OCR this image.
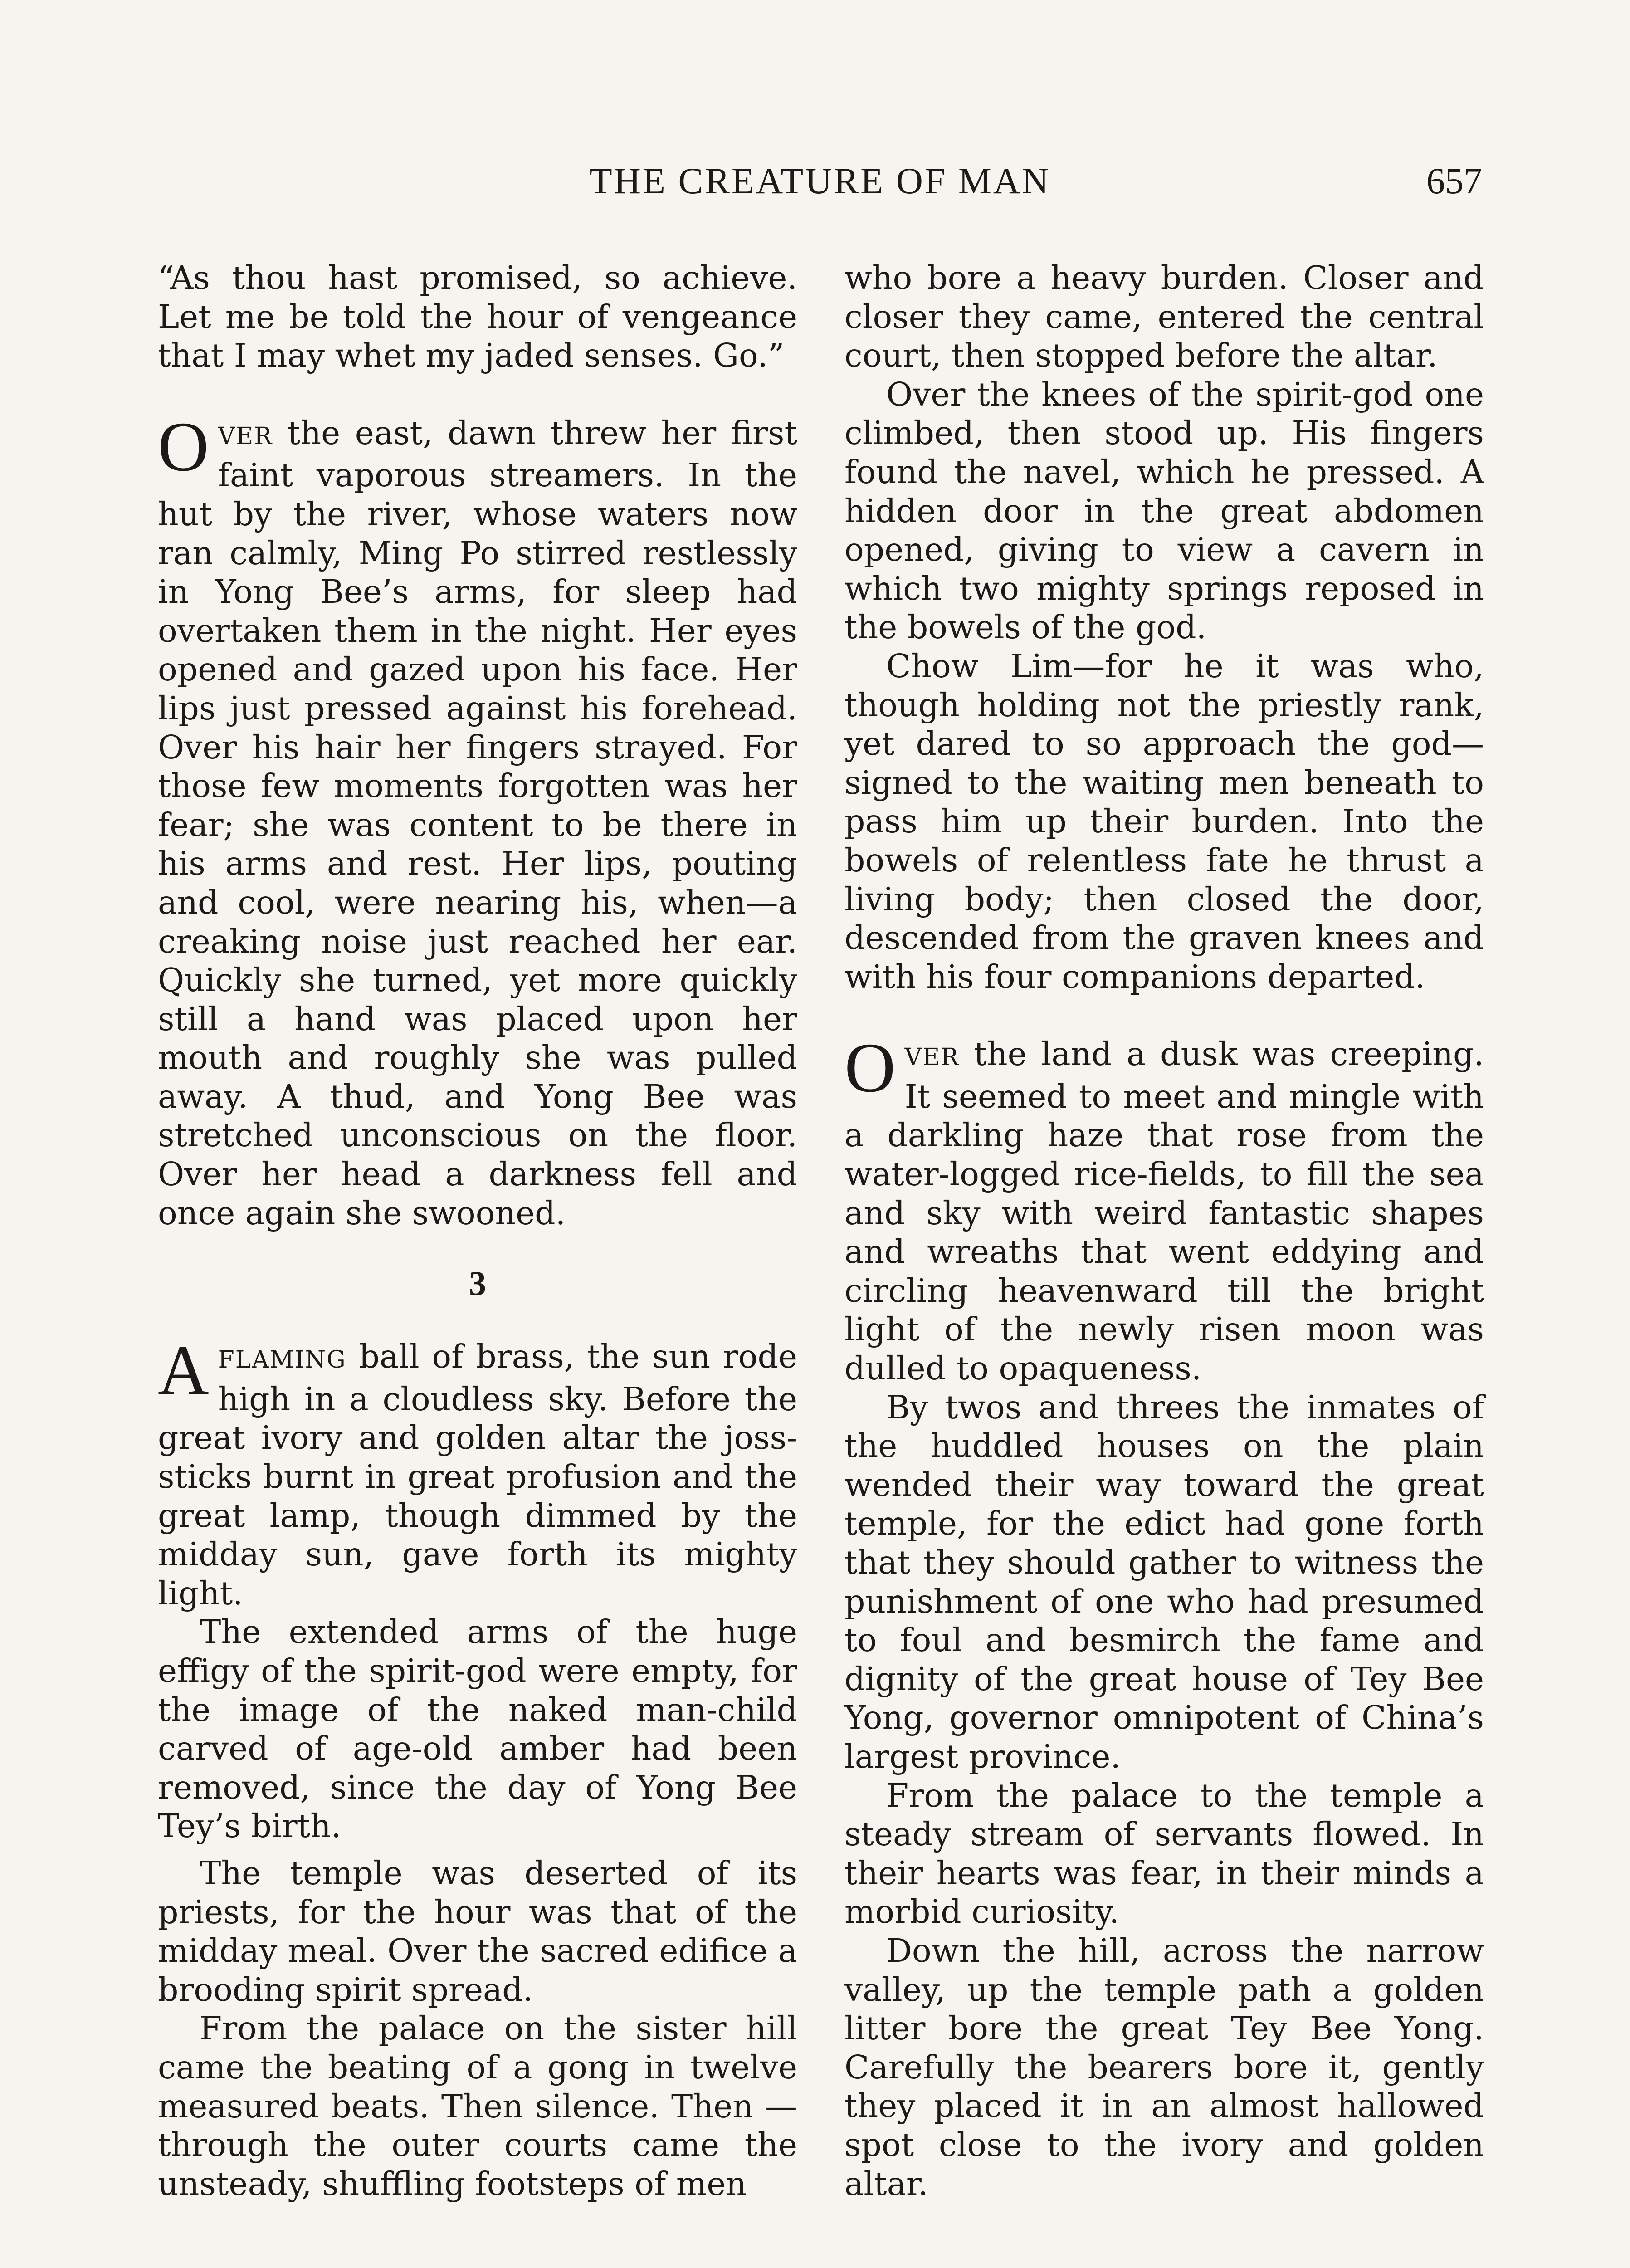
THE CREATURE OF MAN	657

“As thou hast promised, so achieve. Let me be told the hour of vengeance that I may whet my jaded senses. Go.”

OVER the east, dawn threw her first faint vaporous streamers. In the hut by the river, whose waters now ran calmly, Ming Po stirred restlessly in Yong Bee’s arms, for sleep had overtaken them in the night. Her eyes opened and gazed upon his face. Her lips just pressed against his forehead. Over his hair her fingers strayed. For those few moments forgotten was her fear; she was content to be there in his arms and rest. Her lips, pouting and cool, were nearing his, when—a creaking noise just reached her ear. Quickly she turned, yet more quickly still a hand was placed upon her mouth and roughly she was pulled away. A thud, and Yong Bee was stretched unconscious on the floor. Over her head a darkness fell and once again she swooned.

3

AFLAMING ball of brass, the sun rode high in a cloudless sky. Before the great ivory and golden altar the joss-sticks burnt in great profusion and the great lamp, though dimmed by the midday sun, gave forth its mighty light.

The extended arms of the huge effigy of the spirit-god were empty, for the image of the naked man-child carved of age-old amber had been removed, since the day of Yong Bee Tey’s birth.

The temple was deserted of its priests, for the hour was that of the midday meal. Over the sacred edifice a brooding spirit spread.

From the palace on the sister hill came the beating of a gong in twelve measured beats. Then silence. Then —through the outer courts came the unsteady, shuffling footsteps of men

who bore a heavy burden. Closer and closer they came, entered the central court, then stopped before the altar.

Over the knees of the spirit-god one climbed, then stood up. His fingers found the navel, which he pressed. A hidden door in the great abdomen opened, giving to view a cavern in which two mighty springs reposed in the bowels of the god.

Chow Lim—for he it was who, though holding not the priestly rank, yet dared to so approach the god—signed to the waiting men beneath to pass him up their burden. Into the bowels of relentless fate he thrust a living body; then closed the door, descended from the graven knees and with his four companions departed.

OVER the land a dusk was creeping. It seemed to meet and mingle with a darkling haze that rose from the water-logged rice-fields, to fill the sea and sky with weird fantastic shapes and wreaths that went eddying and circling heavenward till the bright light of the newly risen moon was dulled to opaqueness.

By twos and threes the inmates of the huddled houses on the plain wended their way toward the great temple, for the edict had gone forth that they should gather to witness the punishment of one who had presumed to foul and besmirch the fame and dignity of the great house of Tey Bee Yong, governor omnipotent of China’s largest province.

From the palace to the temple a steady stream of servants flowed. In their hearts was fear, in their minds a morbid curiosity.

Down the hill, across the narrow valley, up the temple path a golden litter bore the great Tey Bee Yong. Carefully the bearers bore it, gently they placed it in an almost hallowed spot close to the ivory and golden altar.
